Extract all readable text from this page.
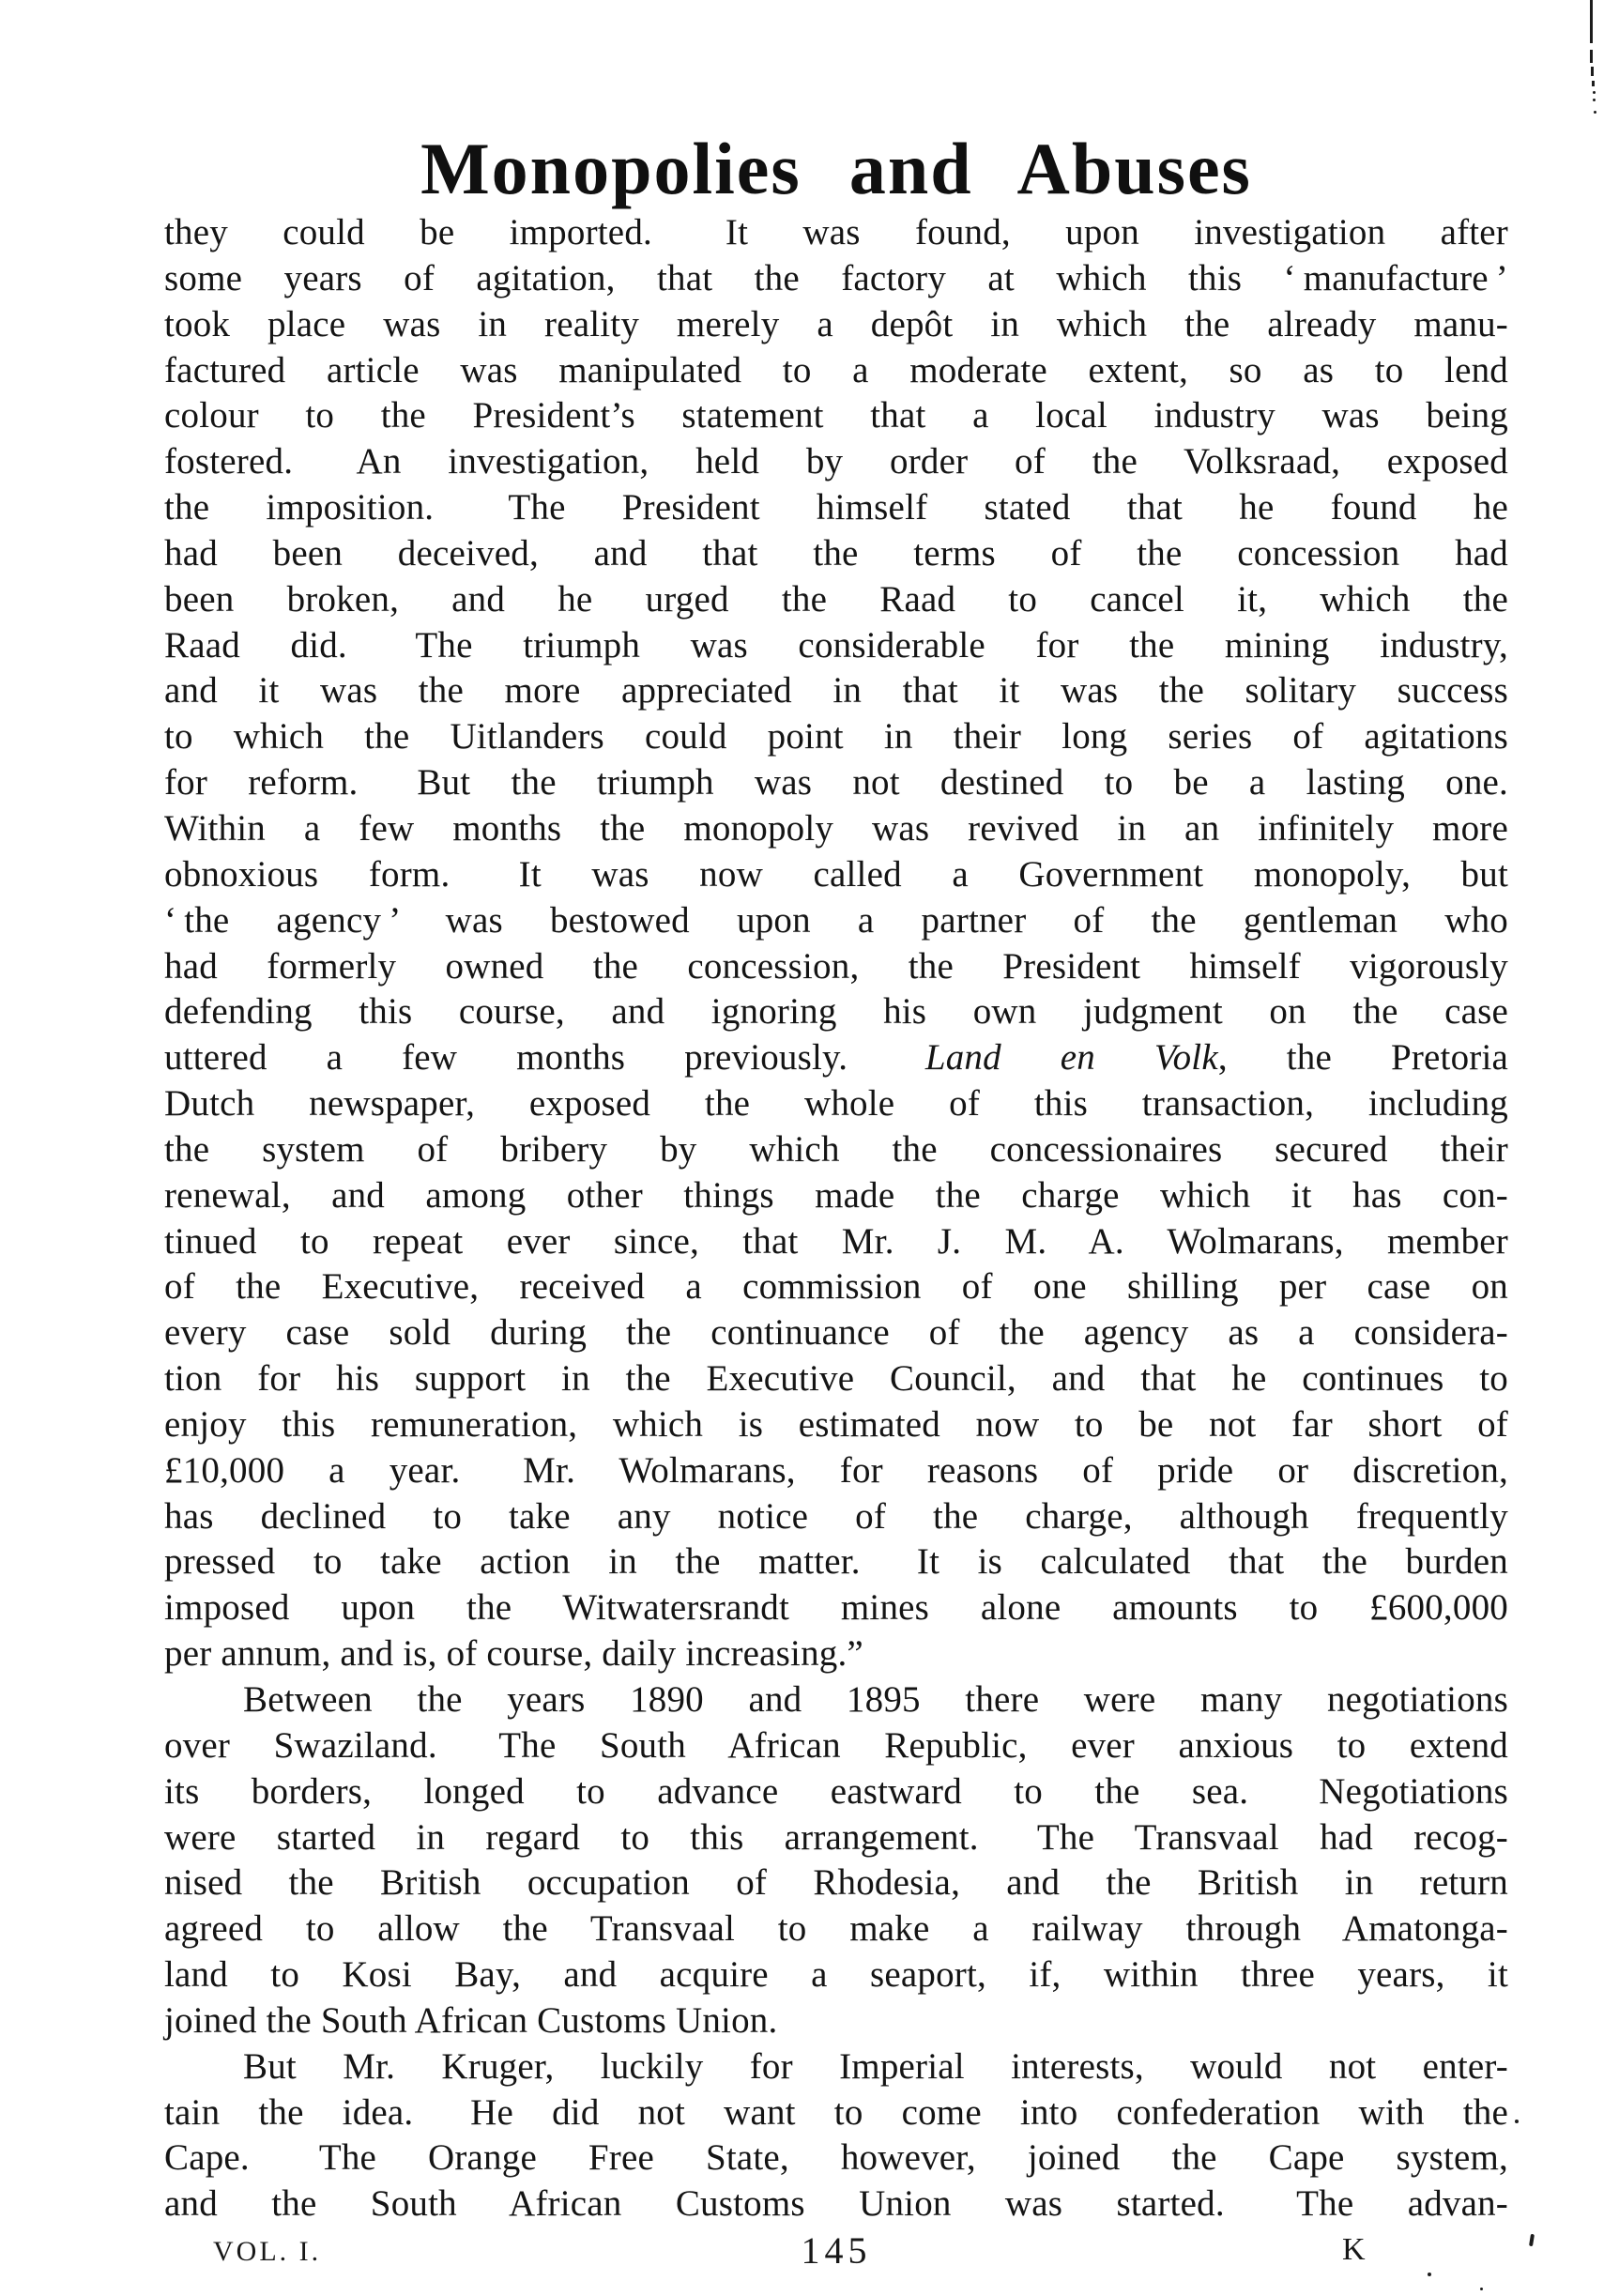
Monopolies and Abuses
they could be imported.  It was found, upon investigation after
some years of agitation, that the factory at which this ‘ manufacture ’
took place was in reality merely a depôt in which the already manu-
factured article was manipulated to a moderate extent, so as to lend
colour to the President’s statement that a local industry was being
fostered.  An investigation, held by order of the Volksraad, exposed
the imposition.  The President himself stated that he found he
had been deceived, and that the terms of the concession had
been broken, and he urged the Raad to cancel it, which the
Raad did.  The triumph was considerable for the mining industry,
and it was the more appreciated in that it was the solitary success
to which the Uitlanders could point in their long series of agitations
for reform.  But the triumph was not destined to be a lasting one.
Within a few months the monopoly was revived in an infinitely more
obnoxious form.  It was now called a Government monopoly, but
‘ the agency ’ was bestowed upon a partner of the gentleman who
had formerly owned the concession, the President himself vigorously
defending this course, and ignoring his own judgment on the case
uttered a few months previously.  Land en Volk, the Pretoria
Dutch newspaper, exposed the whole of this transaction, including
the system of bribery by which the concessionaires secured their
renewal, and among other things made the charge which it has con-
tinued to repeat ever since, that Mr. J. M. A. Wolmarans, member
of the Executive, received a commission of one shilling per case on
every case sold during the continuance of the agency as a considera-
tion for his support in the Executive Council, and that he continues to
enjoy this remuneration, which is estimated now to be not far short of
£10,000 a year.  Mr. Wolmarans, for reasons of pride or discretion,
has declined to take any notice of the charge, although frequently
pressed to take action in the matter.  It is calculated that the burden
imposed upon the Witwatersrandt mines alone amounts to £600,000
per annum, and is, of course, daily increasing.”
Between the years 1890 and 1895 there were many negotiations
over Swaziland.  The South African Republic, ever anxious to extend
its borders, longed to advance eastward to the sea.  Negotiations
were started in regard to this arrangement.  The Transvaal had recog-
nised the British occupation of Rhodesia, and the British in return
agreed to allow the Transvaal to make a railway through Amatonga-
land to Kosi Bay, and acquire a seaport, if, within three years, it
joined the South African Customs Union.
But Mr. Kruger, luckily for Imperial interests, would not enter-
tain the idea.  He did not want to come into confederation with the
Cape.  The Orange Free State, however, joined the Cape system,
and the South African Customs Union was started.  The advan-
VOL. I.	145	K
